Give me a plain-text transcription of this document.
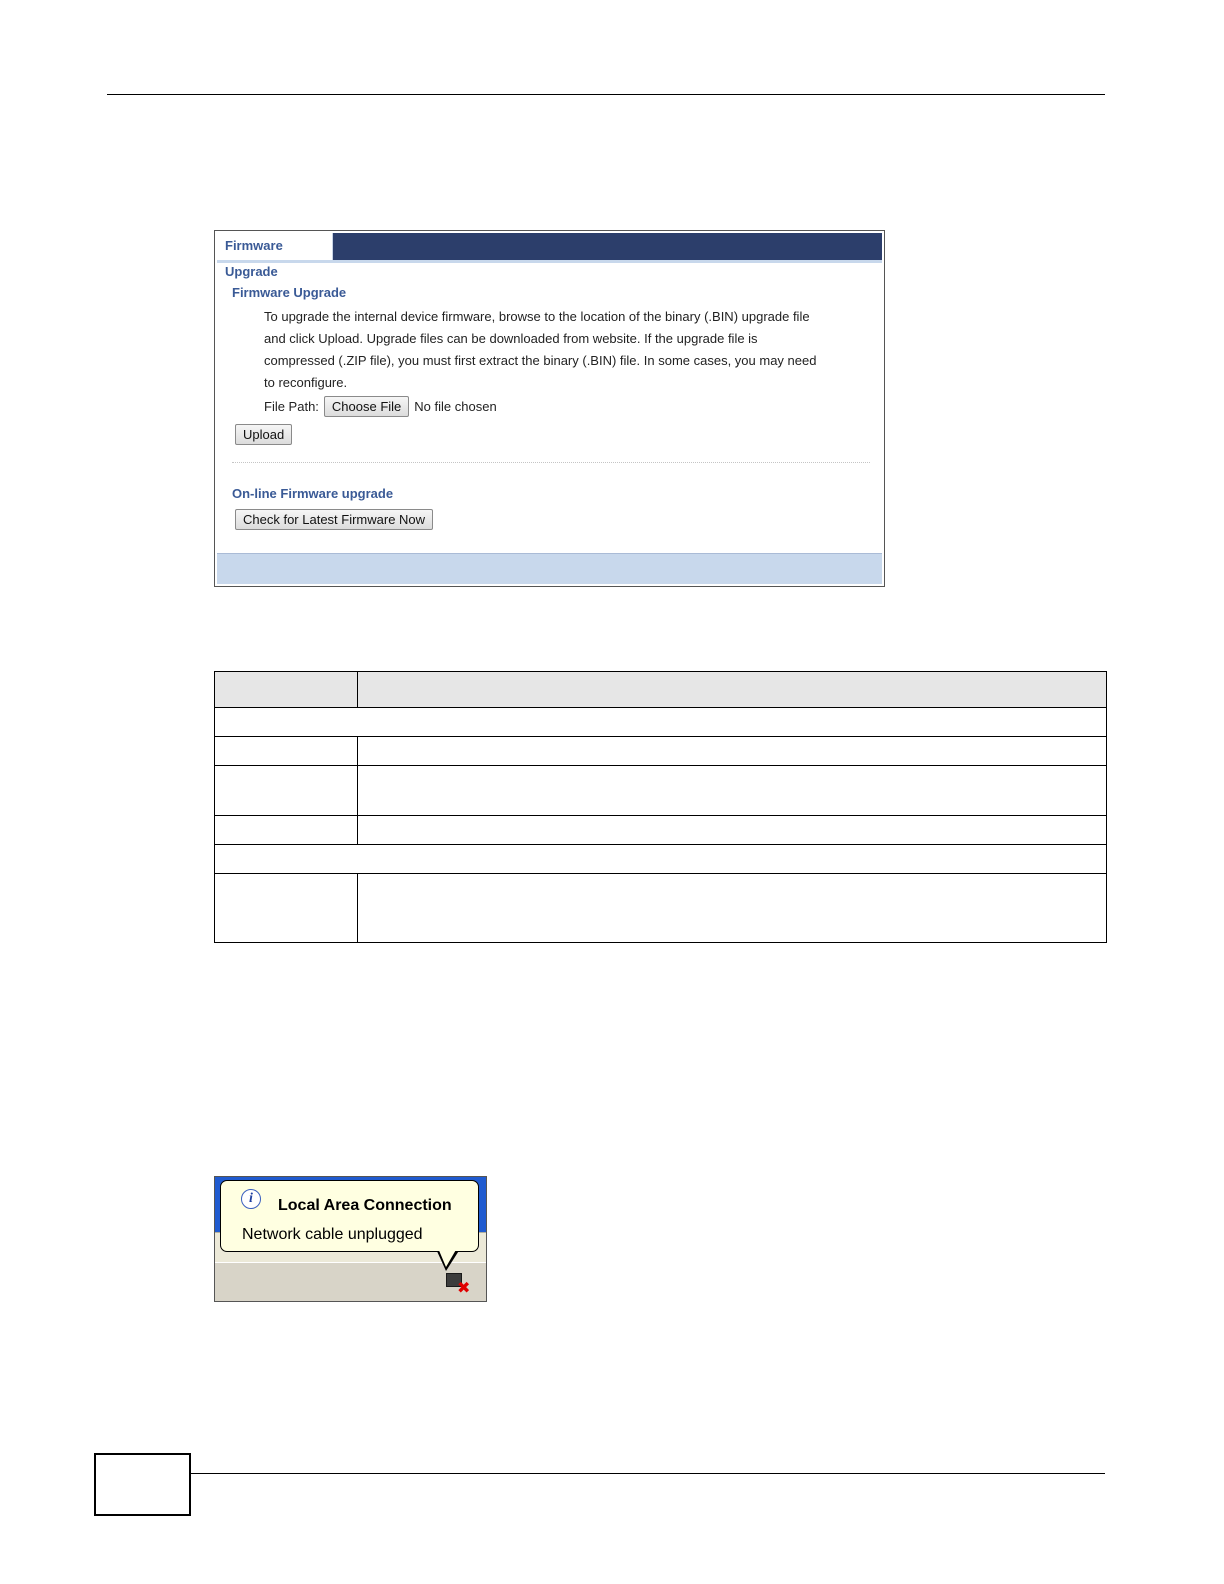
Firmware Upgrade
Firmware Upgrade
To upgrade the internal device firmware, browse to the location of the binary (.BIN) upgrade file
and click Upload. Upgrade files can be downloaded from website. If the upgrade file is
compressed (.ZIP file), you must first extract the binary (.BIN) file. In some cases, you may need
to reconfigure.
File Path:	Choose File	No file chosen
Upload
On-line Firmware upgrade
Check for Latest Firmware Now

i	Local Area Connection
Network cable unplugged
✖
